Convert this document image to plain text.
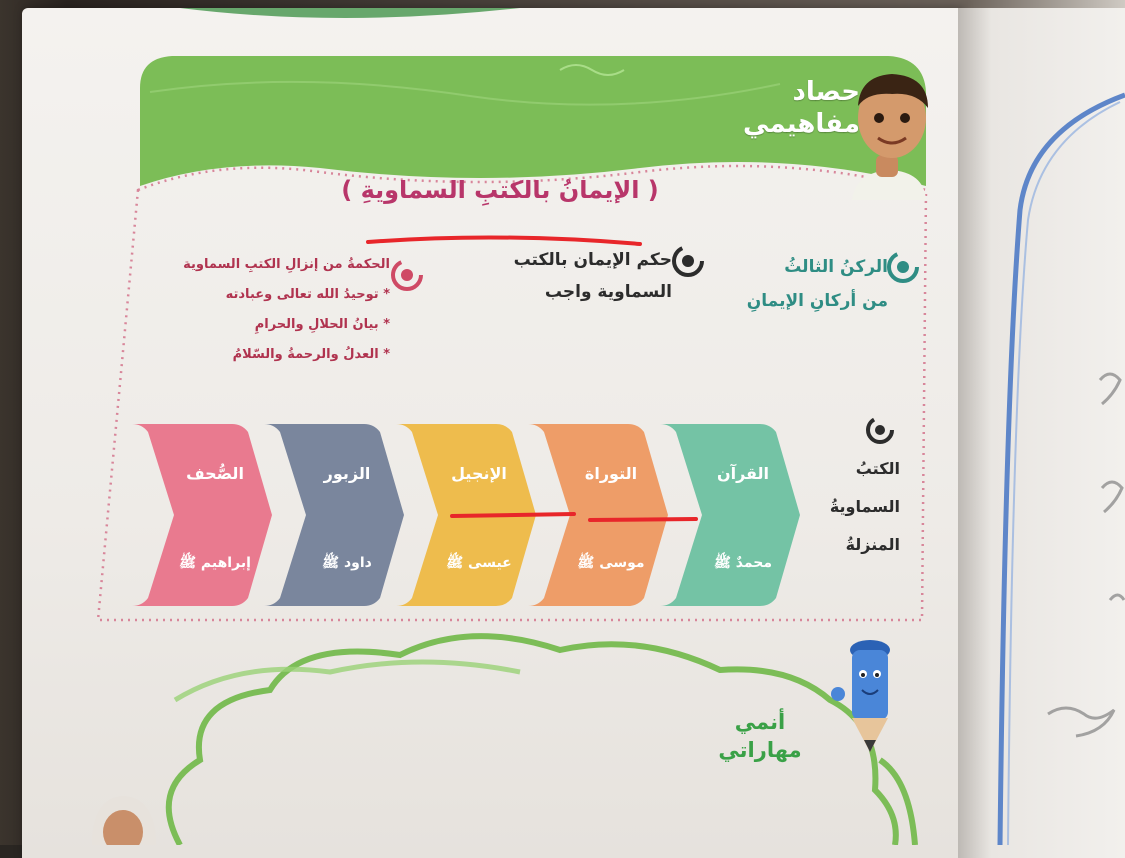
حصاد
مفاهيمي
( الإيمانُ بالكتبِ السماويةِ )
الركنُ الثالثُ
من أركانِ الإيمانِ
حكم الإيمان بالكتب
السماوية واجب
الحكمةُ من إنزالِ الكتبِ السماوية
* توحيدُ الله تعالى وعبادته
* بيانُ الحلالِ والحرامِ
* العدلُ والرحمةُ والسّلامُ
الكتبُ
السماويةُ
المنزلةُ
القرآن
محمدٌ ﷺ
التوراة
موسى ﷺ
الإنجيل
عيسى ﷺ
الزبور
داود ﷺ
الصُّحف
إبراهيم ﷺ
أنمي
مهاراتي
